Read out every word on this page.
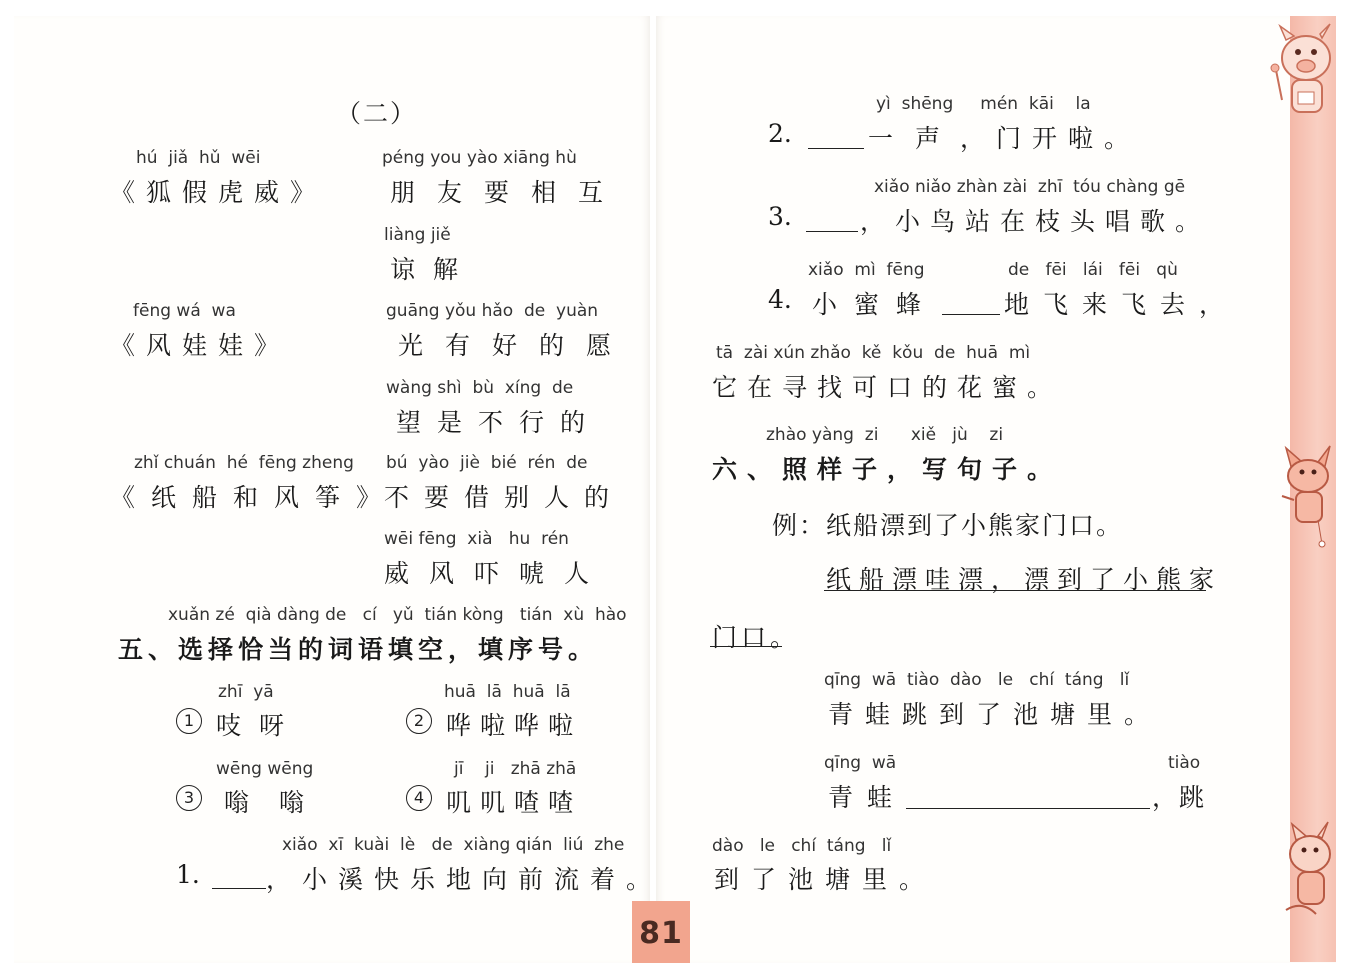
（二）
hú  jiǎ  hǔ  wēi
《狐假虎威》
péng you yào xiāng hù
朋友要相互
liàng jiě
谅解
fēng wá  wa
《风娃娃》
guāng yǒu hǎo  de  yuàn
光有好的愿
wàng shì  bù  xíng  de
望是不行的
zhǐ chuán  hé  fēng zheng
《纸船和风筝》
bú  yào  jiè  bié  rén  de
不要借别人的
wēi fēng  xià   hu  rén
威风吓唬人
xuǎn zé  qià dàng de   cí   yǔ  tián kòng   tián  xù  hào
五、选择恰当的词语填空，填序号。
zhī  yā
1 吱呀
huā  lā  huā  lā
2 哗啦哗啦
wēng wēng
3	嗡嗡
jī    ji   zhā zhā
4 叽叽喳喳
xiǎo  xī  kuài  lè   de  xiàng qián  liú  zhe
1.	，小溪快乐地向前流着。
yì  shēng     mén  kāi    la
2.	一声
，门开啦。
xiǎo niǎo zhàn zài  zhī  tóu chàng gē
3.	，小鸟站在枝头唱歌。
xiǎo  mì  fēng
4. 小蜜蜂
de   fēi   lái   fēi   qù
地飞来飞去，
tā  zài xún zhǎo  kě  kǒu  de  huā  mì
它在寻找可口的花蜜。
zhào yàng  zi      xiě   jù    zi
六、照样子，写句子。
例：纸船漂到了小熊家门口。
纸船漂哇漂，漂到了小熊家
门口。
qīng  wā  tiào  dào   le   chí  táng   lǐ
青蛙跳到了池塘里。
qīng  wā
青蛙
tiào
，跳
dào   le   chí  táng   lǐ
到了池塘里。
81
